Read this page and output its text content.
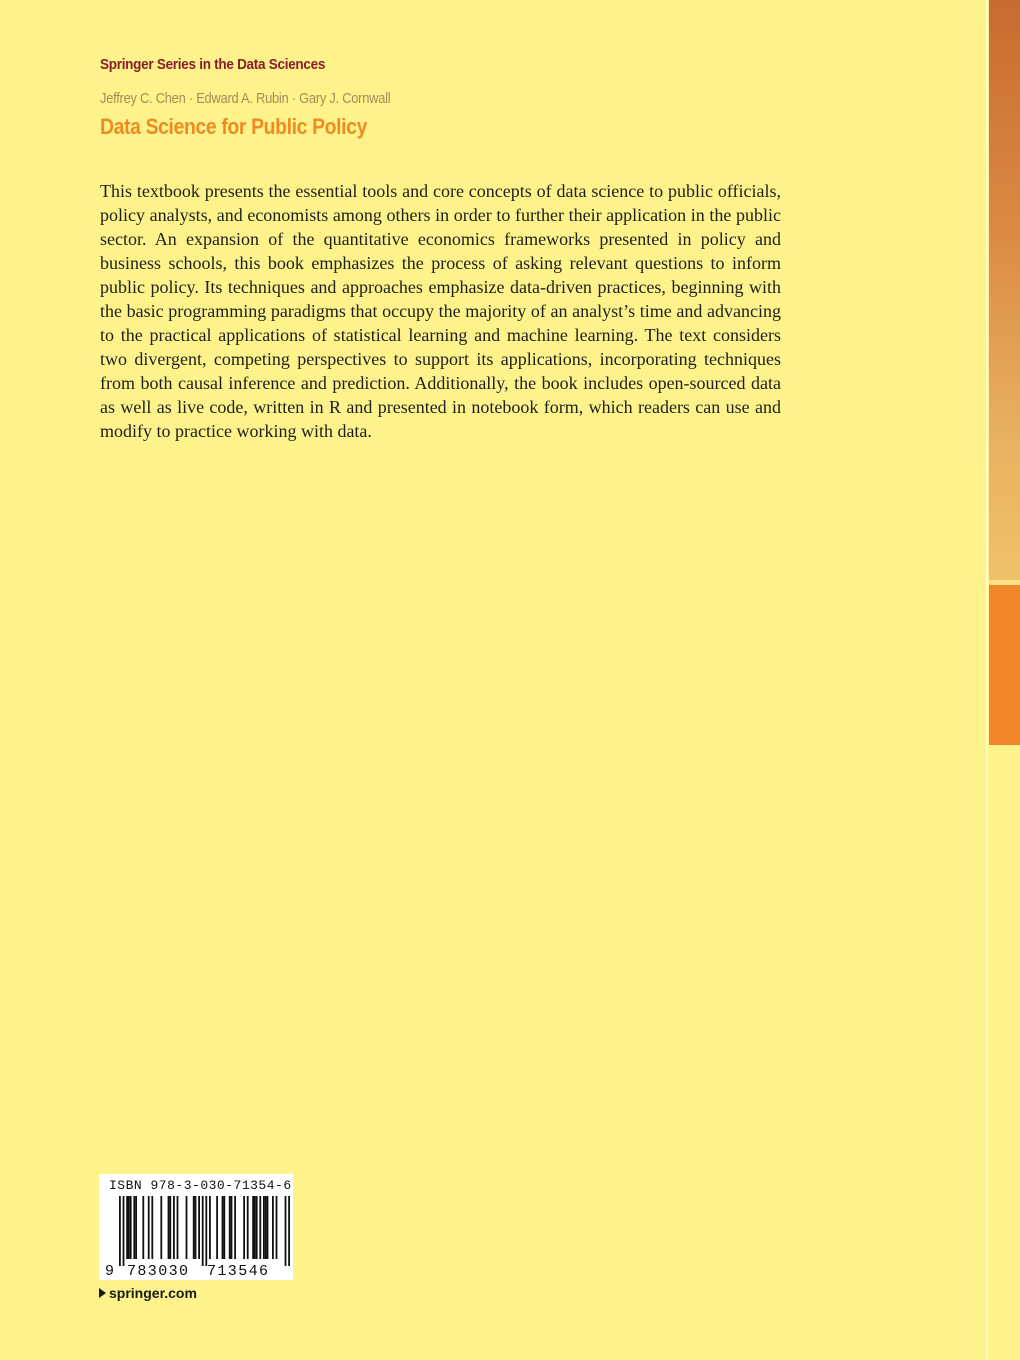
Springer Series in the Data Sciences
Jeffrey C. Chen · Edward A. Rubin · Gary J. Cornwall
Data Science for Public Policy
This textbook presents the essential tools and core concepts of data science to public officials, policy analysts, and economists among others in order to further their application in the public sector. An expansion of the quantitative economics frameworks presented in policy and business schools, this book emphasizes the process of asking relevant questions to inform public policy. Its techniques and approaches emphasize data-driven practices, beginning with the basic programming paradigms that occupy the majority of an analyst’s time and advancing to the practical applications of statistical learning and machine learning. The text considers two divergent, competing perspectives to support its applications, incorporating techniques from both causal inference and prediction. Additionally, the book includes open-sourced data as well as live code, written in R and presented in notebook form, which readers can use and modify to practice working with data.
ISBN 978-3-030-71354-6
9 783030 713546
springer.com
